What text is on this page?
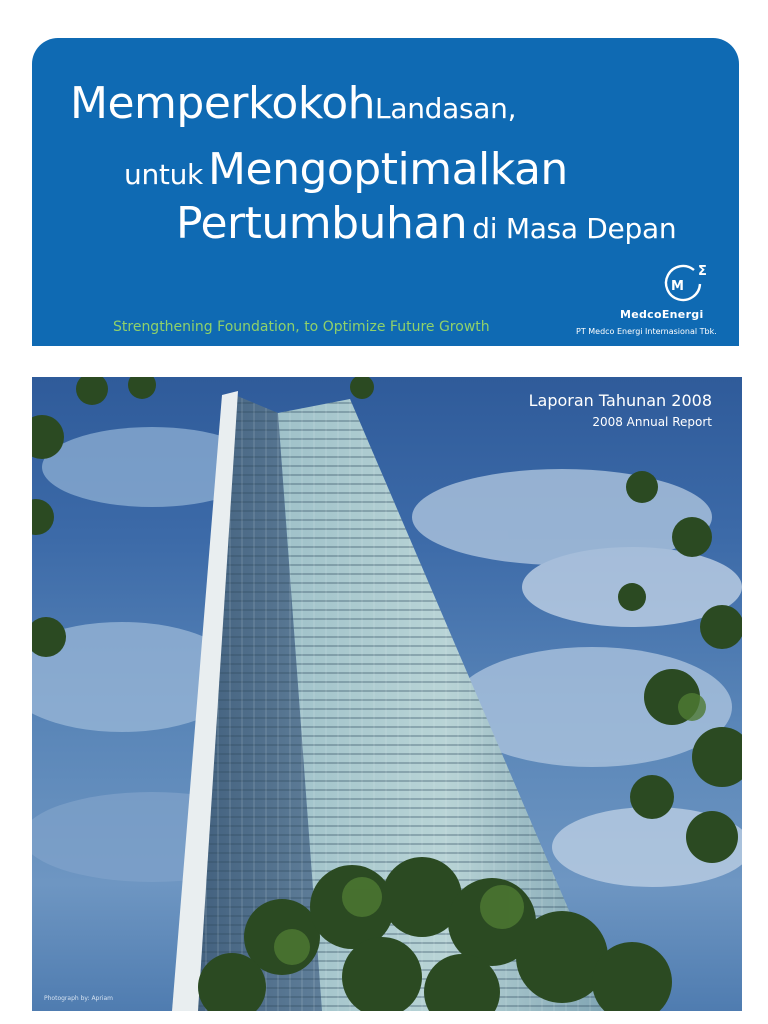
MemperkokohLandasan,
untuk Mengoptimalkan
Pertumbuhan di Masa Depan
Strengthening Foundation, to Optimize Future Growth
M
Σ
MedcoEnergi
PT Medco Energi Internasional Tbk.
Laporan Tahunan 2008
2008 Annual Report
Photograph by: Apriam
